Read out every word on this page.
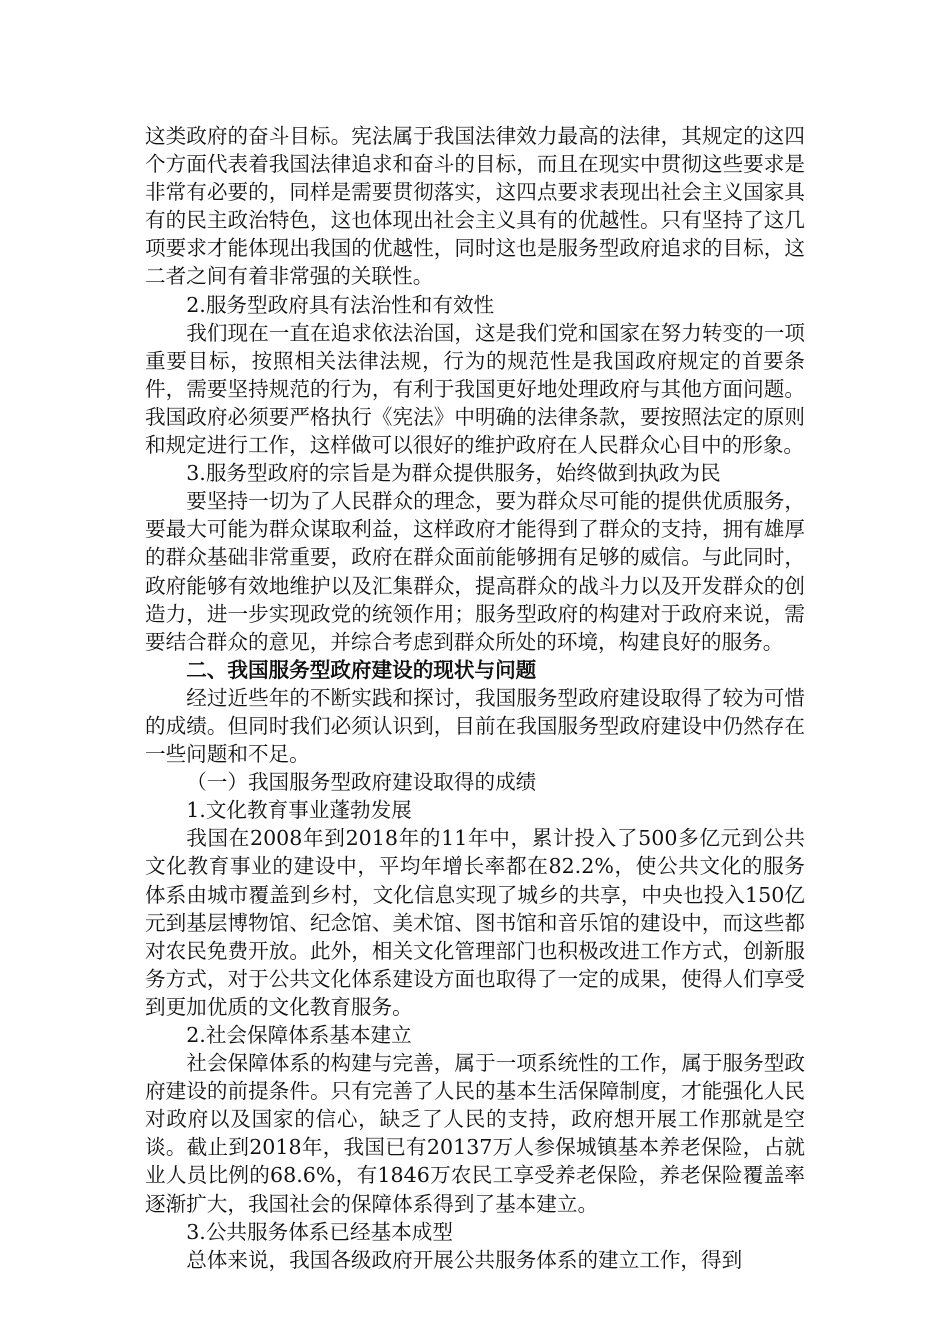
这类政府的奋斗目标。宪法属于我国法律效力最高的法律，其规定的这四个方面代表着我国法律追求和奋斗的目标，而且在现实中贯彻这些要求是非常有必要的，同样是需要贯彻落实，这四点要求表现出社会主义国家具有的民主政治特色，这也体现出社会主义具有的优越性。只有坚持了这几项要求才能体现出我国的优越性，同时这也是服务型政府追求的目标，这二者之间有着非常强的关联性。

2.服务型政府具有法治性和有效性

我们现在一直在追求依法治国，这是我们党和国家在努力转变的一项重要目标，按照相关法律法规，行为的规范性是我国政府规定的首要条件，需要坚持规范的行为，有利于我国更好地处理政府与其他方面问题。我国政府必须要严格执行《宪法》中明确的法律条款，要按照法定的原则和规定进行工作，这样做可以很好的维护政府在人民群众心目中的形象。

3.服务型政府的宗旨是为群众提供服务，始终做到执政为民

要坚持一切为了人民群众的理念，要为群众尽可能的提供优质服务，要最大可能为群众谋取利益，这样政府才能得到了群众的支持，拥有雄厚的群众基础非常重要，政府在群众面前能够拥有足够的威信。与此同时，政府能够有效地维护以及汇集群众，提高群众的战斗力以及开发群众的创造力，进一步实现政党的统领作用；服务型政府的构建对于政府来说，需要结合群众的意见，并综合考虑到群众所处的环境，构建良好的服务。

二、我国服务型政府建设的现状与问题

经过近些年的不断实践和探讨，我国服务型政府建设取得了较为可惜的成绩。但同时我们必须认识到，目前在我国服务型政府建设中仍然存在一些问题和不足。

（一）我国服务型政府建设取得的成绩

1.文化教育事业蓬勃发展

我国在2008年到2018年的11年中，累计投入了500多亿元到公共文化教育事业的建设中，平均年增长率都在82.2%，使公共文化的服务体系由城市覆盖到乡村，文化信息实现了城乡的共享，中央也投入150亿元到基层博物馆、纪念馆、美术馆、图书馆和音乐馆的建设中，而这些都对农民免费开放。此外，相关文化管理部门也积极改进工作方式，创新服务方式，对于公共文化体系建设方面也取得了一定的成果，使得人们享受到更加优质的文化教育服务。

2.社会保障体系基本建立

社会保障体系的构建与完善，属于一项系统性的工作，属于服务型政府建设的前提条件。只有完善了人民的基本生活保障制度，才能强化人民对政府以及国家的信心，缺乏了人民的支持，政府想开展工作那就是空谈。截止到2018年，我国已有20137万人参保城镇基本养老保险，占就业人员比例的68.6%，有1846万农民工享受养老保险，养老保险覆盖率逐渐扩大，我国社会的保障体系得到了基本建立。

3.公共服务体系已经基本成型

总体来说，我国各级政府开展公共服务体系的建立工作，得到
